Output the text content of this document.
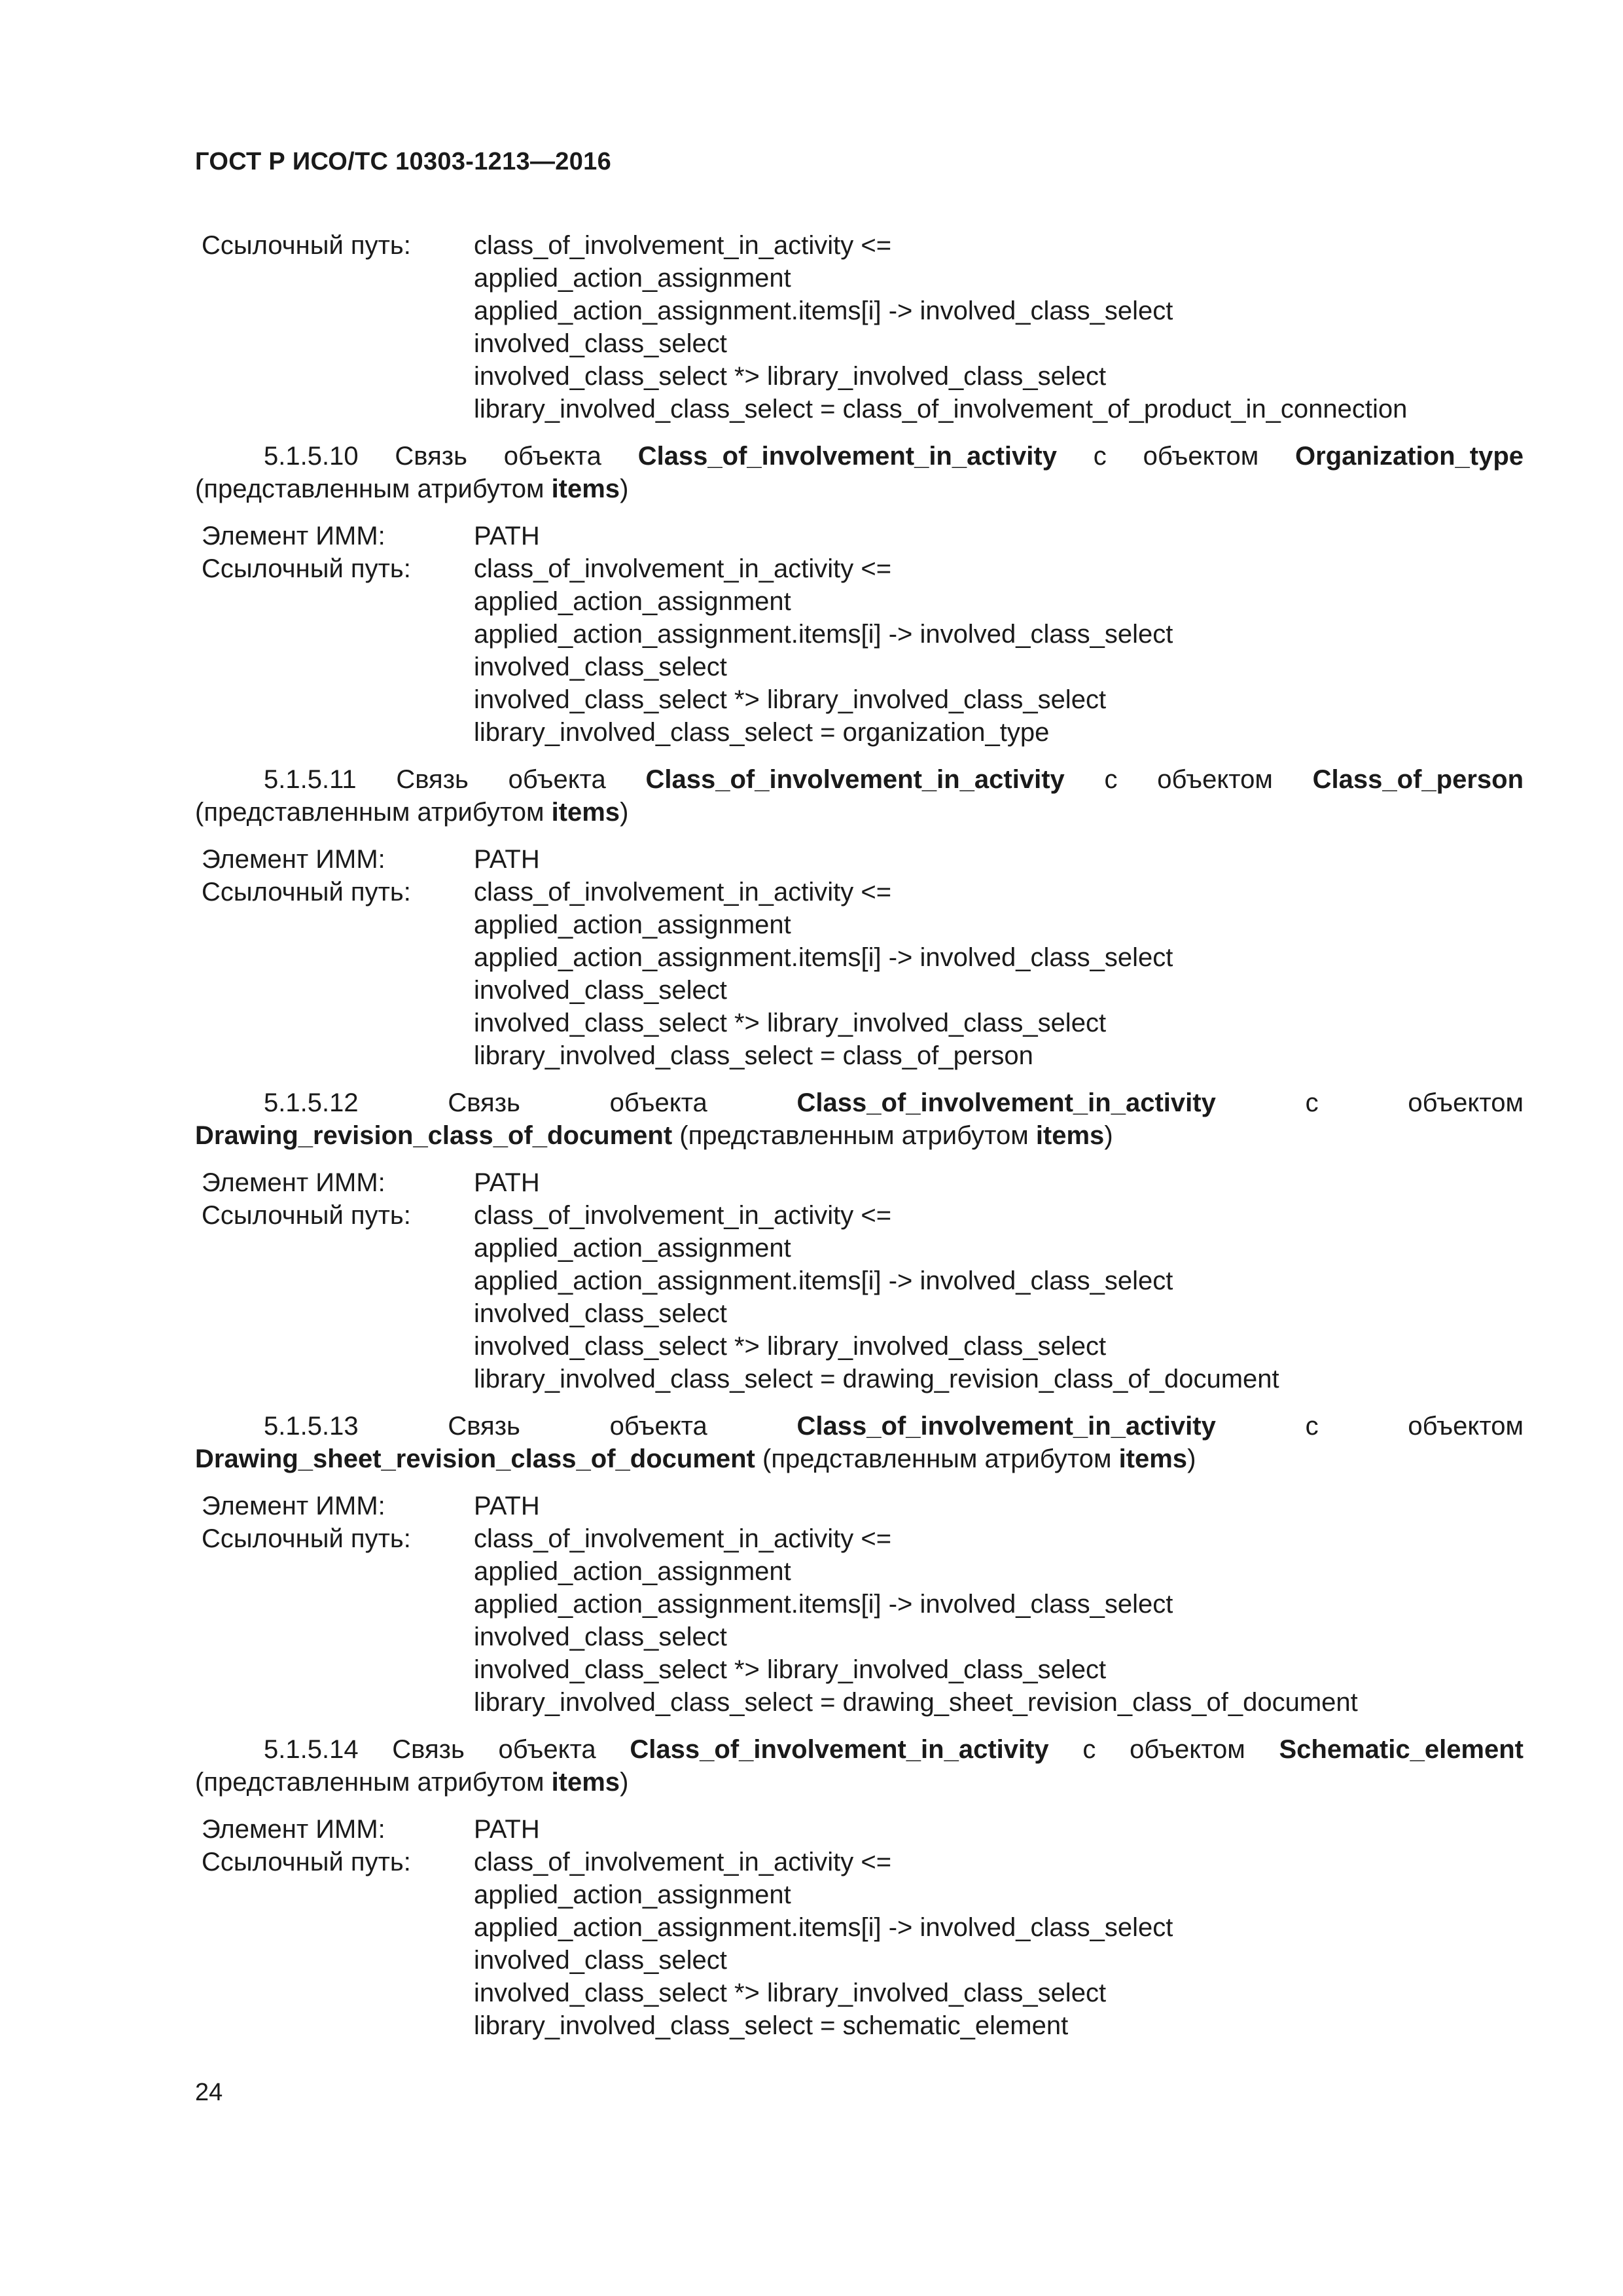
ГОСТ Р ИСО/ТС 10303-1213—2016
Ссылочный путь:	class_of_involvement_in_activity <=
applied_action_assignment
applied_action_assignment.items[i] -> involved_class_select
involved_class_select
involved_class_select *> library_involved_class_select
library_involved_class_select = class_of_involvement_of_product_in_connection
5.1.5.10 Связь объекта Class_of_involvement_in_activity с объектом Organization_type (представленным атрибутом items)
Элемент ИММ:	PATH
Ссылочный путь:	class_of_involvement_in_activity <=
applied_action_assignment
applied_action_assignment.items[i] -> involved_class_select
involved_class_select
involved_class_select *> library_involved_class_select
library_involved_class_select = organization_type
5.1.5.11 Связь объекта Class_of_involvement_in_activity с объектом Class_of_person (представленным атрибутом items)
Элемент ИММ:	PATH
Ссылочный путь:	class_of_involvement_in_activity <=
applied_action_assignment
applied_action_assignment.items[i] -> involved_class_select
involved_class_select
involved_class_select *> library_involved_class_select
library_involved_class_select = class_of_person
5.1.5.12 Связь объекта Class_of_involvement_in_activity с объектом Drawing_revision_class_of_document (представленным атрибутом items)
Элемент ИММ:	PATH
Ссылочный путь:	class_of_involvement_in_activity <=
applied_action_assignment
applied_action_assignment.items[i] -> involved_class_select
involved_class_select
involved_class_select *> library_involved_class_select
library_involved_class_select = drawing_revision_class_of_document
5.1.5.13 Связь объекта Class_of_involvement_in_activity с объектом Drawing_sheet_revision_class_of_document (представленным атрибутом items)
Элемент ИММ:	PATH
Ссылочный путь:	class_of_involvement_in_activity <=
applied_action_assignment
applied_action_assignment.items[i] -> involved_class_select
involved_class_select
involved_class_select *> library_involved_class_select
library_involved_class_select = drawing_sheet_revision_class_of_document
5.1.5.14 Связь объекта Class_of_involvement_in_activity с объектом Schematic_element (представленным атрибутом items)
Элемент ИММ:	PATH
Ссылочный путь:	class_of_involvement_in_activity <=
applied_action_assignment
applied_action_assignment.items[i] -> involved_class_select
involved_class_select
involved_class_select *> library_involved_class_select
library_involved_class_select = schematic_element
24
